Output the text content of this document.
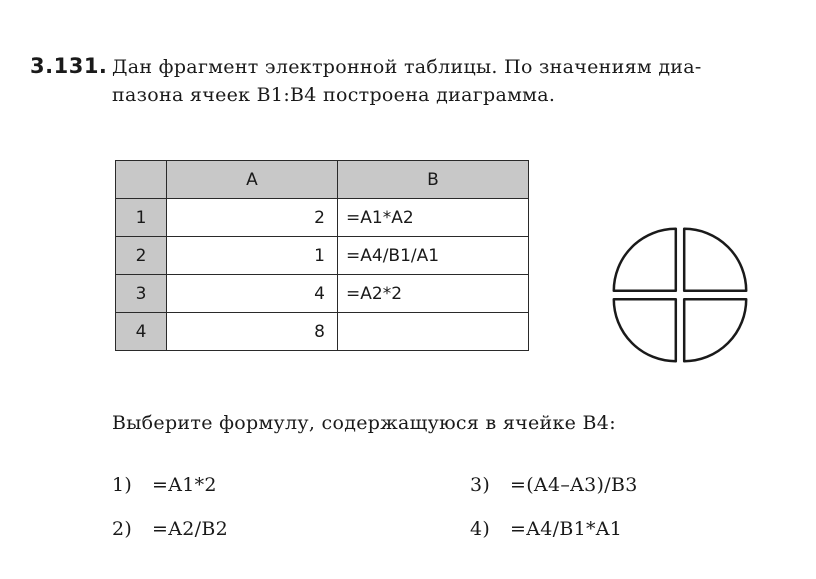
3.131. Дан фрагмент электронной таблицы. По значениям диа-
пазона ячеек B1:B4 построена диаграмма.
	A	B
1	2	=A1*A2
2	1	=A4/B1/A1
3	4	=A2*2
4	8	
Выберите формулу, содержащуюся в ячейке B4:
1) =A1*2
2) =A2/B2
3) =(A4–A3)/B3
4) =A4/B1*A1
